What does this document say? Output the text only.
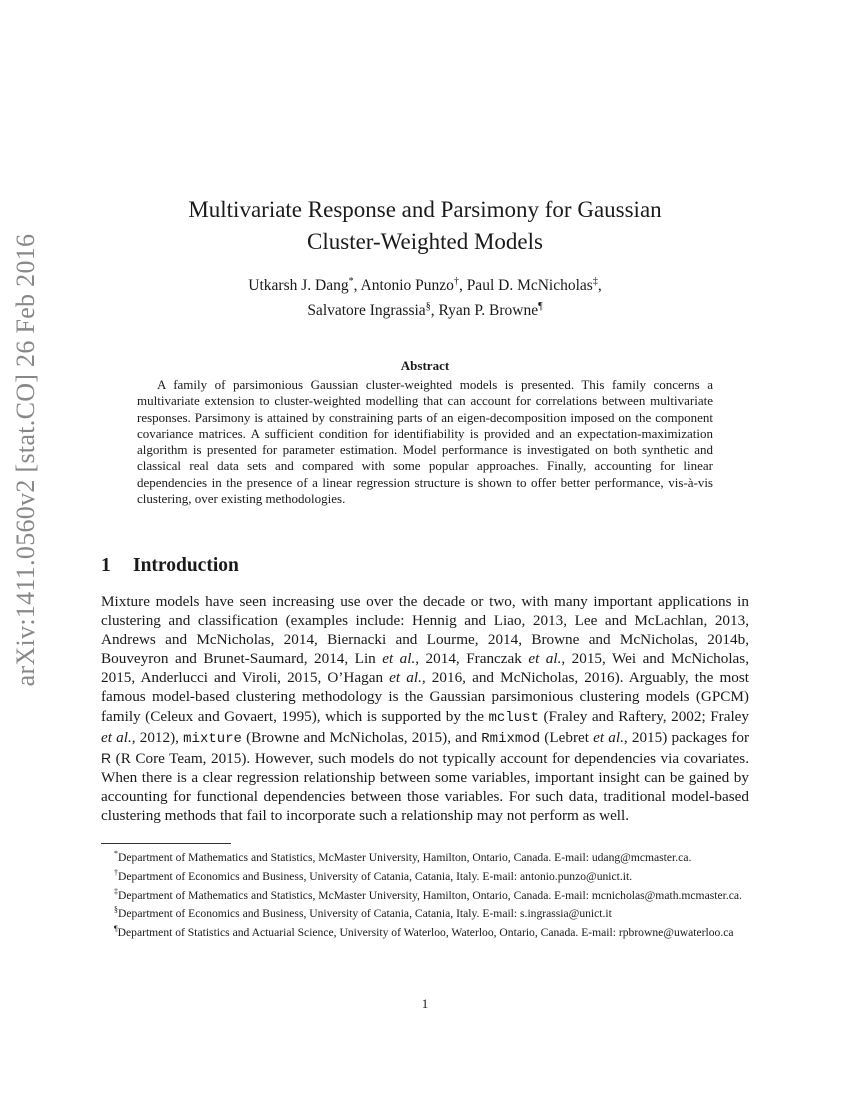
arXiv:1411.0560v2 [stat.CO] 26 Feb 2016
Multivariate Response and Parsimony for Gaussian
Cluster-Weighted Models
Utkarsh J. Dang*, Antonio Punzo†, Paul D. McNicholas‡,
Salvatore Ingrassia§, Ryan P. Browne¶
Abstract

A family of parsimonious Gaussian cluster-weighted models is presented. This family concerns a multivariate extension to cluster-weighted modelling that can account for correlations between multivariate responses. Parsimony is attained by constraining parts of an eigen-decomposition imposed on the component covariance matrices. A sufficient condition for identifiability is provided and an expectation-maximization algorithm is presented for parameter estimation. Model performance is investigated on both synthetic and classical real data sets and compared with some popular approaches. Finally, accounting for linear dependencies in the presence of a linear regression structure is shown to offer better performance, vis-à-vis clustering, over existing methodologies.

1 Introduction

Mixture models have seen increasing use over the decade or two, with many important applications in clustering and classification (examples include: Hennig and Liao, 2013, Lee and McLachlan, 2013, Andrews and McNicholas, 2014, Biernacki and Lourme, 2014, Browne and McNicholas, 2014b, Bouveyron and Brunet-Saumard, 2014, Lin et al., 2014, Franczak et al., 2015, Wei and McNicholas, 2015, Anderlucci and Viroli, 2015, O’Hagan et al., 2016, and McNicholas, 2016). Arguably, the most famous model-based clustering methodology is the Gaussian parsimonious clustering models (GPCM) family (Celeux and Govaert, 1995), which is supported by the mclust (Fraley and Raftery, 2002; Fraley et al., 2012), mixture (Browne and McNicholas, 2015), and Rmixmod (Lebret et al., 2015) packages for R (R Core Team, 2015). However, such models do not typically account for dependencies via covariates. When there is a clear regression relationship between some variables, important insight can be gained by accounting for functional dependencies between those variables. For such data, traditional model-based clustering methods that fail to incorporate such a relationship may not perform as well.

*Department of Mathematics and Statistics, McMaster University, Hamilton, Ontario, Canada. E-mail: udang@mcmaster.ca.

†Department of Economics and Business, University of Catania, Catania, Italy. E-mail: antonio.punzo@unict.it.

‡Department of Mathematics and Statistics, McMaster University, Hamilton, Ontario, Canada. E-mail: mcnicholas@math.mcmaster.ca.

§Department of Economics and Business, University of Catania, Catania, Italy. E-mail: s.ingrassia@unict.it

¶Department of Statistics and Actuarial Science, University of Waterloo, Waterloo, Ontario, Canada. E-mail: rpbrowne@uwaterloo.ca

1
